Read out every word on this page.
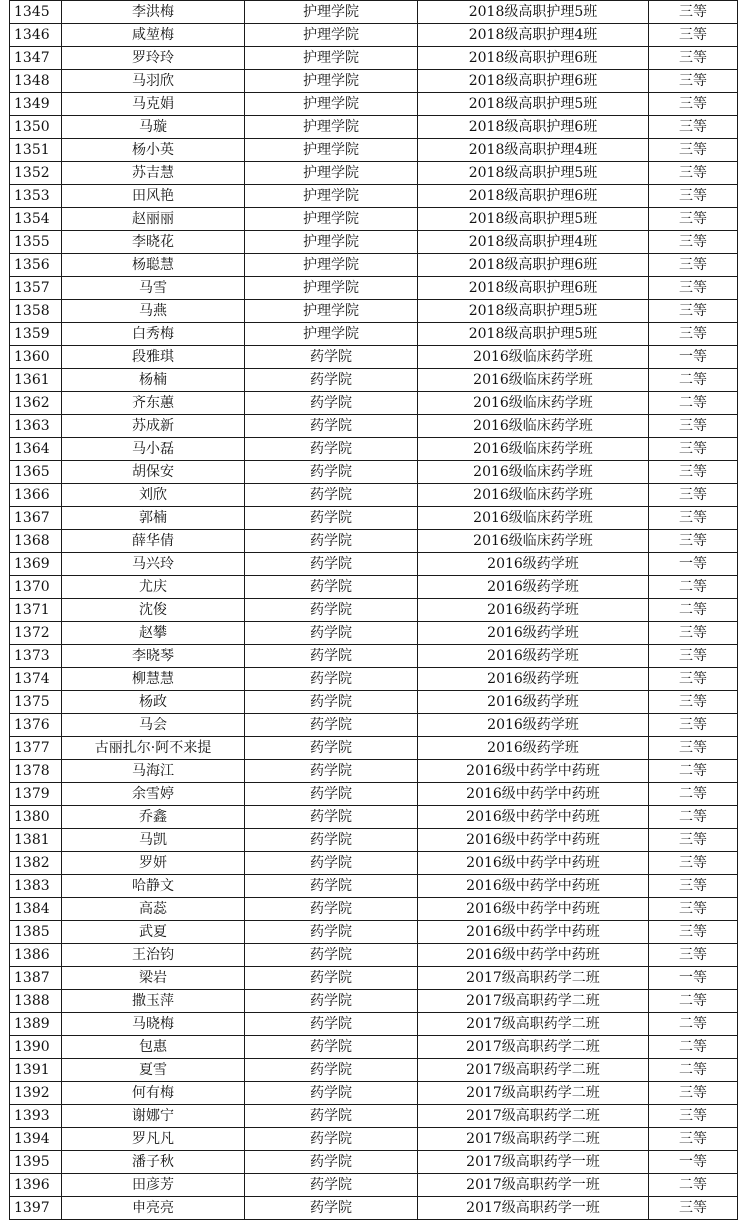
1345	李洪梅	护理学院	2018级高职护理5班	三等
1346	咸堃梅	护理学院	2018级高职护理4班	三等
1347	罗玲玲	护理学院	2018级高职护理6班	三等
1348	马羽欣	护理学院	2018级高职护理6班	三等
1349	马克娟	护理学院	2018级高职护理5班	三等
1350	马璇	护理学院	2018级高职护理6班	三等
1351	杨小英	护理学院	2018级高职护理4班	三等
1352	苏吉慧	护理学院	2018级高职护理5班	三等
1353	田风艳	护理学院	2018级高职护理6班	三等
1354	赵丽丽	护理学院	2018级高职护理5班	三等
1355	李晓花	护理学院	2018级高职护理4班	三等
1356	杨聪慧	护理学院	2018级高职护理6班	三等
1357	马雪	护理学院	2018级高职护理6班	三等
1358	马燕	护理学院	2018级高职护理5班	三等
1359	白秀梅	护理学院	2018级高职护理5班	三等
1360	段雅琪	药学院	2016级临床药学班	一等
1361	杨楠	药学院	2016级临床药学班	二等
1362	齐东蕙	药学院	2016级临床药学班	二等
1363	苏成新	药学院	2016级临床药学班	三等
1364	马小磊	药学院	2016级临床药学班	三等
1365	胡保安	药学院	2016级临床药学班	三等
1366	刘欣	药学院	2016级临床药学班	三等
1367	郭楠	药学院	2016级临床药学班	三等
1368	薛华倩	药学院	2016级临床药学班	三等
1369	马兴玲	药学院	2016级药学班	一等
1370	尤庆	药学院	2016级药学班	二等
1371	沈俊	药学院	2016级药学班	二等
1372	赵攀	药学院	2016级药学班	三等
1373	李晓琴	药学院	2016级药学班	三等
1374	柳慧慧	药学院	2016级药学班	三等
1375	杨政	药学院	2016级药学班	三等
1376	马会	药学院	2016级药学班	三等
1377	古丽扎尔·阿不来提	药学院	2016级药学班	三等
1378	马海江	药学院	2016级中药学中药班	二等
1379	余雪婷	药学院	2016级中药学中药班	二等
1380	乔鑫	药学院	2016级中药学中药班	二等
1381	马凯	药学院	2016级中药学中药班	三等
1382	罗妍	药学院	2016级中药学中药班	三等
1383	哈静文	药学院	2016级中药学中药班	三等
1384	高蕊	药学院	2016级中药学中药班	三等
1385	武夏	药学院	2016级中药学中药班	三等
1386	王治钧	药学院	2016级中药学中药班	三等
1387	梁岩	药学院	2017级高职药学二班	一等
1388	撒玉萍	药学院	2017级高职药学二班	二等
1389	马晓梅	药学院	2017级高职药学二班	二等
1390	包惠	药学院	2017级高职药学二班	二等
1391	夏雪	药学院	2017级高职药学二班	二等
1392	何有梅	药学院	2017级高职药学二班	三等
1393	谢娜宁	药学院	2017级高职药学二班	三等
1394	罗凡凡	药学院	2017级高职药学二班	三等
1395	潘子秋	药学院	2017级高职药学一班	一等
1396	田彦芳	药学院	2017级高职药学一班	二等
1397	申亮亮	药学院	2017级高职药学一班	三等
